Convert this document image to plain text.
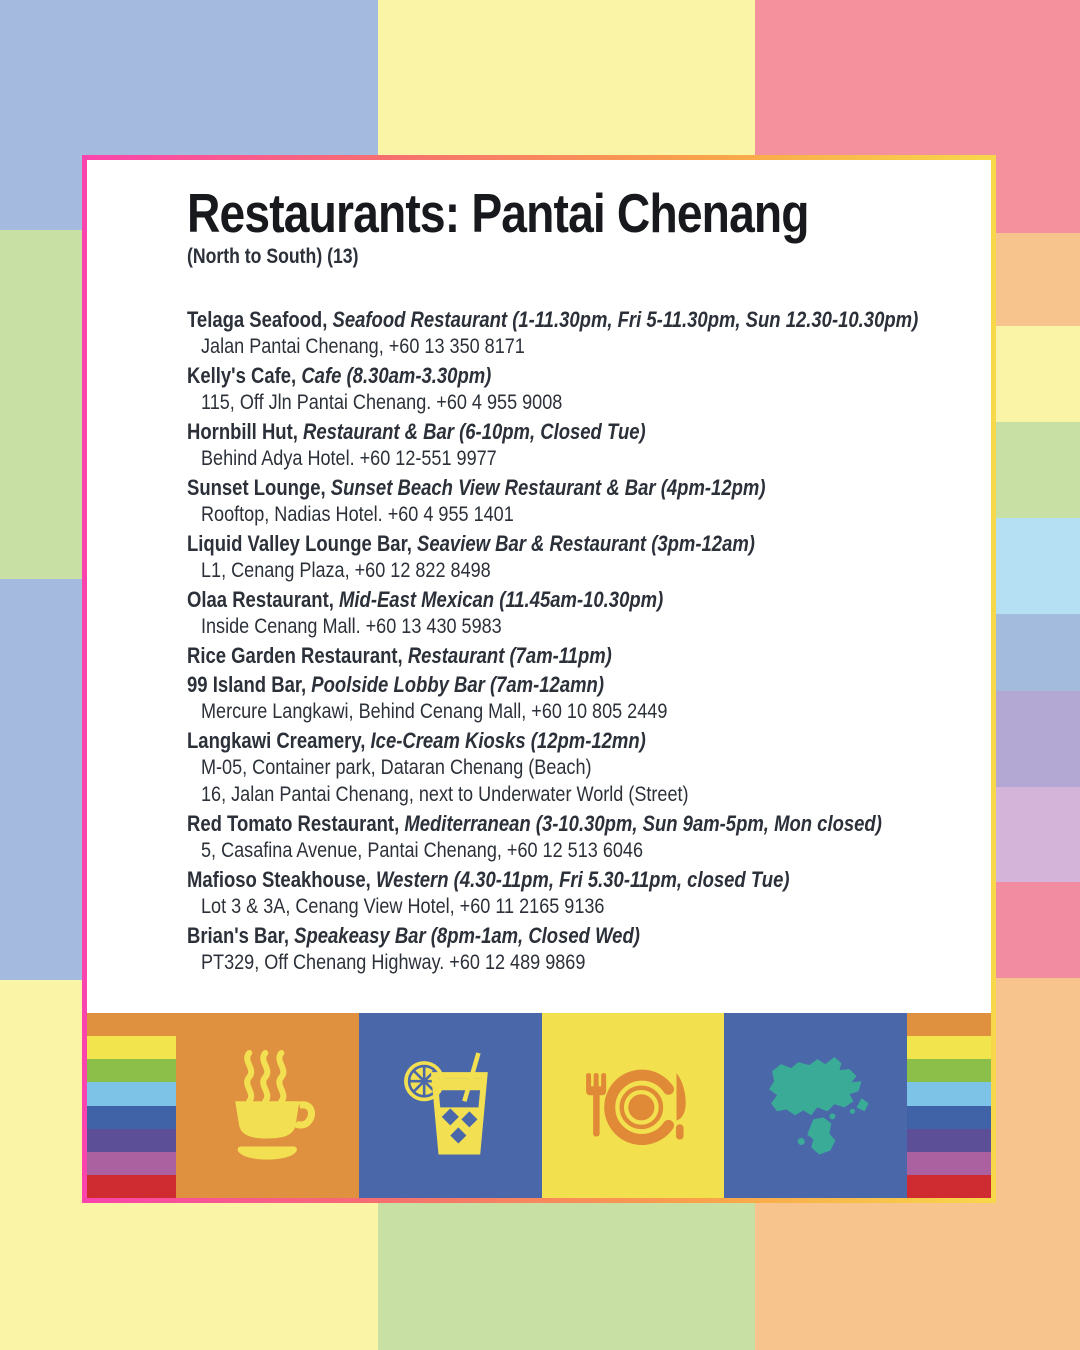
Restaurants: Pantai Chenang
(North to South) (13)
Telaga Seafood, Seafood Restaurant (1-11.30pm, Fri 5-11.30pm, Sun 12.30-10.30pm)
Jalan Pantai Chenang, +60 13 350 8171
Kelly's Cafe, Cafe (8.30am-3.30pm)
115, Off Jln Pantai Chenang. +60 4 955 9008
Hornbill Hut, Restaurant & Bar (6-10pm, Closed Tue)
Behind Adya Hotel. +60 12-551 9977
Sunset Lounge, Sunset Beach View Restaurant & Bar (4pm-12pm)
Rooftop, Nadias Hotel. +60 4 955 1401
Liquid Valley Lounge Bar, Seaview Bar & Restaurant (3pm-12am)
L1, Cenang Plaza, +60 12 822 8498
Olaa Restaurant, Mid-East Mexican (11.45am-10.30pm)
Inside Cenang Mall. +60 13 430 5983
Rice Garden Restaurant, Restaurant (7am-11pm)
99 Island Bar, Poolside Lobby Bar (7am-12amn)
Mercure Langkawi, Behind Cenang Mall, +60 10 805 2449
Langkawi Creamery, Ice-Cream Kiosks (12pm-12mn)
M-05, Container park, Dataran Chenang (Beach)
16, Jalan Pantai Chenang, next to Underwater World (Street)
Red Tomato Restaurant, Mediterranean (3-10.30pm, Sun 9am-5pm, Mon closed)
5, Casafina Avenue, Pantai Chenang, +60 12 513 6046
Mafioso Steakhouse, Western (4.30-11pm, Fri 5.30-11pm, closed Tue)
Lot 3 & 3A, Cenang View Hotel, +60 11 2165 9136
Brian's Bar, Speakeasy Bar (8pm-1am, Closed Wed)
PT329, Off Chenang Highway. +60 12 489 9869
